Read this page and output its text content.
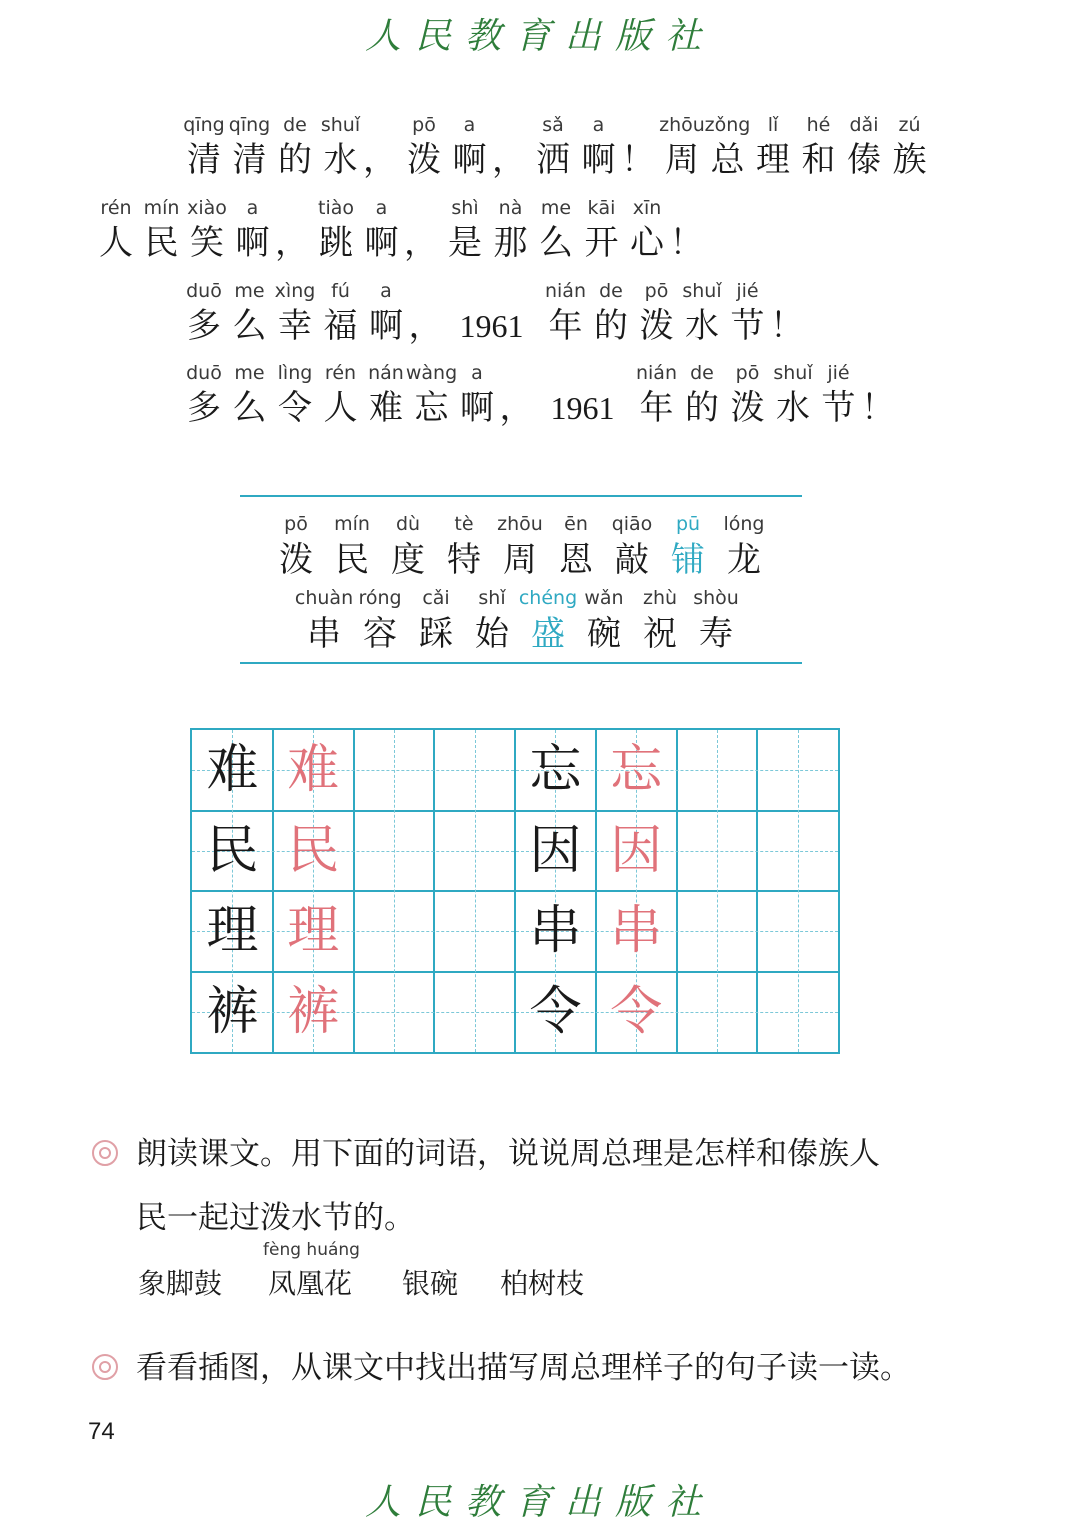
人民教育出版社
qīng
清
qīng
清
de
的
shuǐ
水 ，
pō
泼
a
啊 ，
sǎ
洒
a
啊 ！
zhōu
周
zǒng
总
lǐ
理
hé
和
dǎi
傣
zú
族
rén
人
mín
民
xiào
笑
a
啊 ，
tiào
跳
a
啊 ，
shì
是
nà
那
me
么
kāi
开
xīn
心 ！
duō
多
me
么
xìng
幸
fú
福
a
啊 ， 1961
nián
年
de
的
pō
泼
shuǐ
水
jié
节 ！
duō
多
me
么
lìng
令
rén
人
nán
难
wàng
忘
a
啊 ， 1961
nián
年
de
的
pō
泼
shuǐ
水
jié
节 ！
pō
泼
mín
民
dù
度
tè
特
zhōu
周
ēn
恩
qiāo
敲
pū
铺
lóng
龙
chuàn
串
róng
容
cǎi
踩
shǐ
始
chéng
盛
wǎn
碗
zhù
祝
shòu
寿
难 难
民 民
理 理
裤 裤
忘 忘
因 因
串 串
令 令
朗读课文。用下面的词语，说说周总理是怎样和傣族人
民一起过泼水节的。
fèng huáng
象脚鼓 凤凰花 银碗 柏树枝
看看插图，从课文中找出描写周总理样子的句子读一读。
74
人民教育出版社
